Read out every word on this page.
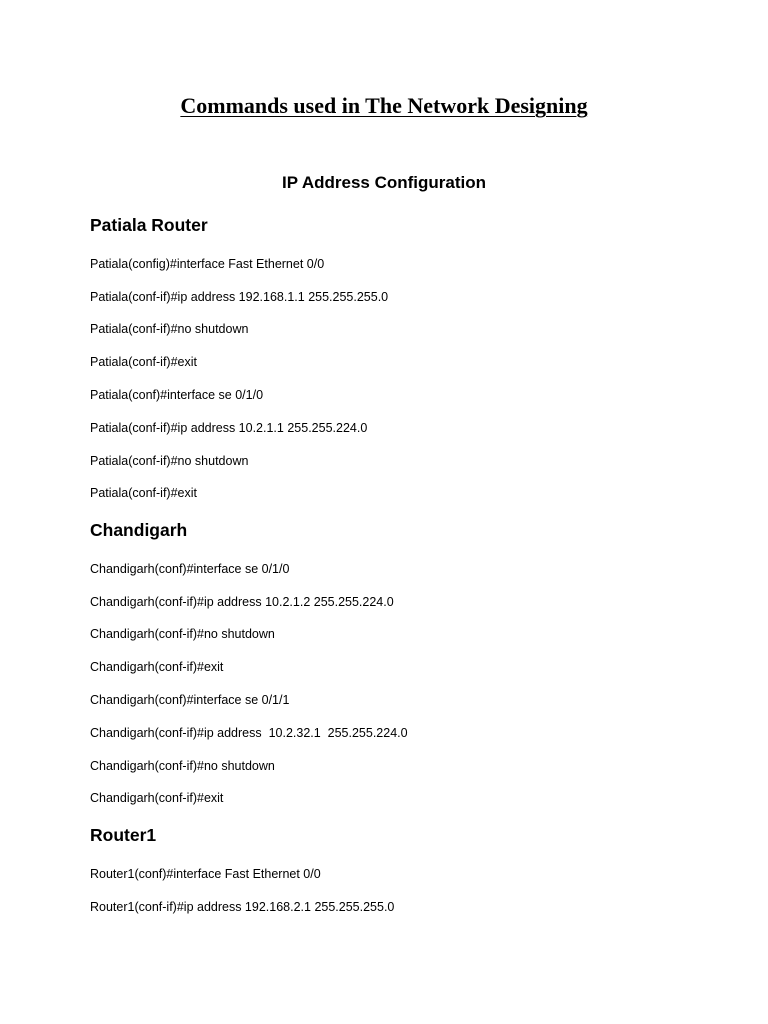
Commands used in The Network Designing
IP Address Configuration
Patiala Router

Patiala(config)#interface Fast Ethernet 0/0

Patiala(conf-if)#ip address 192.168.1.1 255.255.255.0

Patiala(conf-if)#no shutdown

Patiala(conf-if)#exit

Patiala(conf)#interface se 0/1/0

Patiala(conf-if)#ip address 10.2.1.1 255.255.224.0

Patiala(conf-if)#no shutdown

Patiala(conf-if)#exit

Chandigarh

Chandigarh(conf)#interface se 0/1/0

Chandigarh(conf-if)#ip address 10.2.1.2 255.255.224.0

Chandigarh(conf-if)#no shutdown

Chandigarh(conf-if)#exit

Chandigarh(conf)#interface se 0/1/1

Chandigarh(conf-if)#ip address  10.2.32.1  255.255.224.0

Chandigarh(conf-if)#no shutdown

Chandigarh(conf-if)#exit

Router1

Router1(conf)#interface Fast Ethernet 0/0

Router1(conf-if)#ip address 192.168.2.1 255.255.255.0
